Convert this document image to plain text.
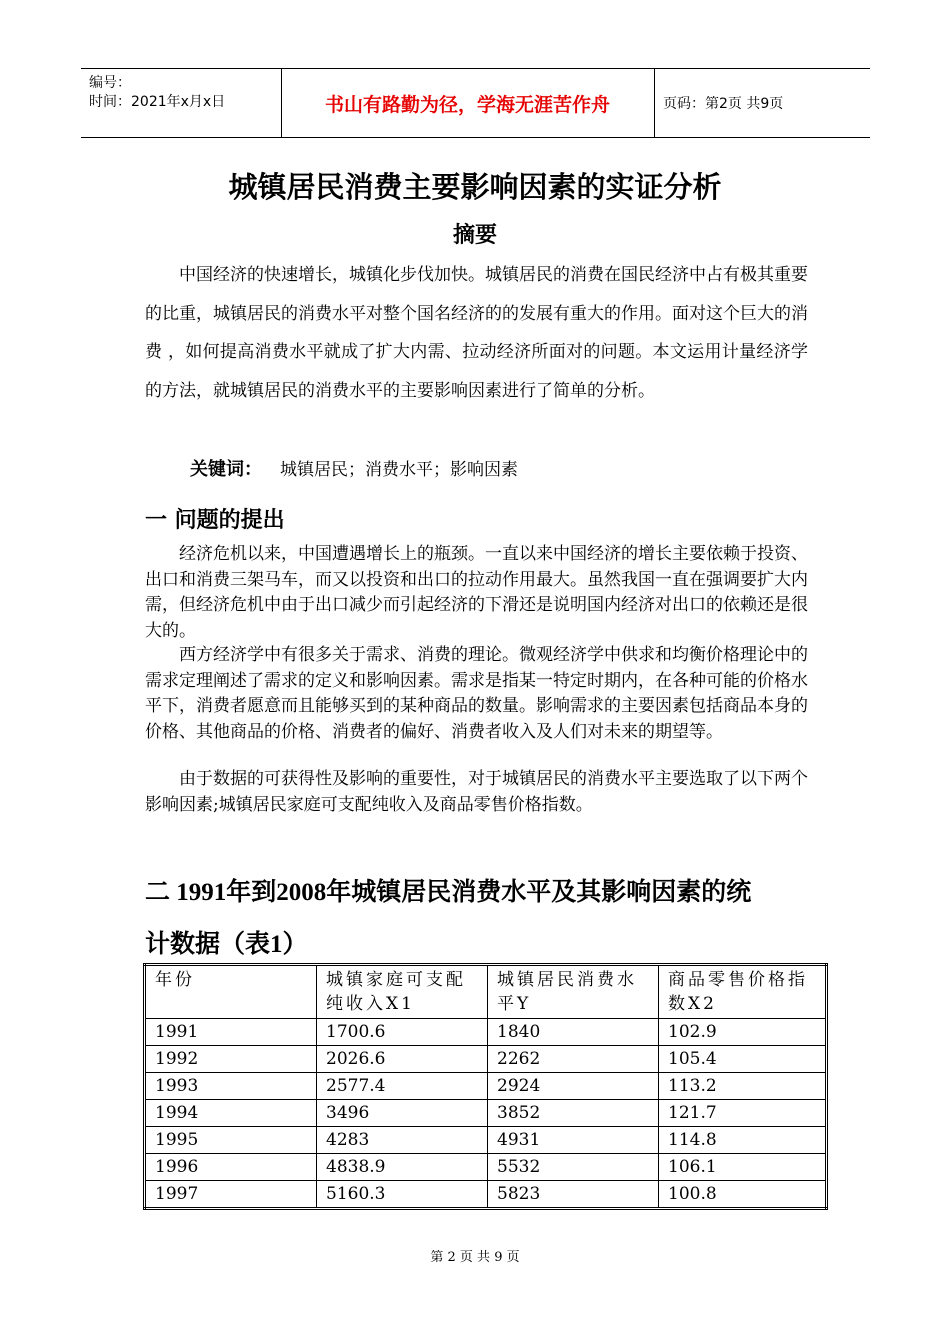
编号：
时间：2021年x月x日	书山有路勤为径，学海无涯苦作舟	页码：第2页 共9页
城镇居民消费主要影响因素的实证分析
摘要
中国经济的快速增长，城镇化步伐加快。城镇居民的消费在国民经济中占有极其重要的比重，城镇居民的消费水平对整个国名经济的的发展有重大的作用。面对这个巨大的消费 ，如何提高消费水平就成了扩大内需、拉动经济所面对的问题。本文运用计量经济学的方法，就城镇居民的消费水平的主要影响因素进行了简单的分析。
关键词： 城镇居民；消费水平；影响因素
一 问题的提出
经济危机以来，中国遭遇增长上的瓶颈。一直以来中国经济的增长主要依赖于投资、出口和消费三架马车，而又以投资和出口的拉动作用最大。虽然我国一直在强调要扩大内需，但经济危机中由于出口减少而引起经济的下滑还是说明国内经济对出口的依赖还是很大的。
西方经济学中有很多关于需求、消费的理论。微观经济学中供求和均衡价格理论中的需求定理阐述了需求的定义和影响因素。需求是指某一特定时期内，在各种可能的价格水平下，消费者愿意而且能够买到的某种商品的数量。影响需求的主要因素包括商品本身的价格、其他商品的价格、消费者的偏好、消费者收入及人们对未来的期望等。
由于数据的可获得性及影响的重要性，对于城镇居民的消费水平主要选取了以下两个影响因素;城镇居民家庭可支配纯收入及商品零售价格指数。
二 1991年到2008年城镇居民消费水平及其影响因素的统
计数据（表1）
年份	城镇家庭可支配纯收入X1	城镇居民消费水平Y	商品零售价格指数X2
1991	1700.6	1840	102.9
1992	2026.6	2262	105.4
1993	2577.4	2924	113.2
1994	3496	3852	121.7
1995	4283	4931	114.8
1996	4838.9	5532	106.1
1997	5160.3	5823	100.8
第 2 页 共 9 页
